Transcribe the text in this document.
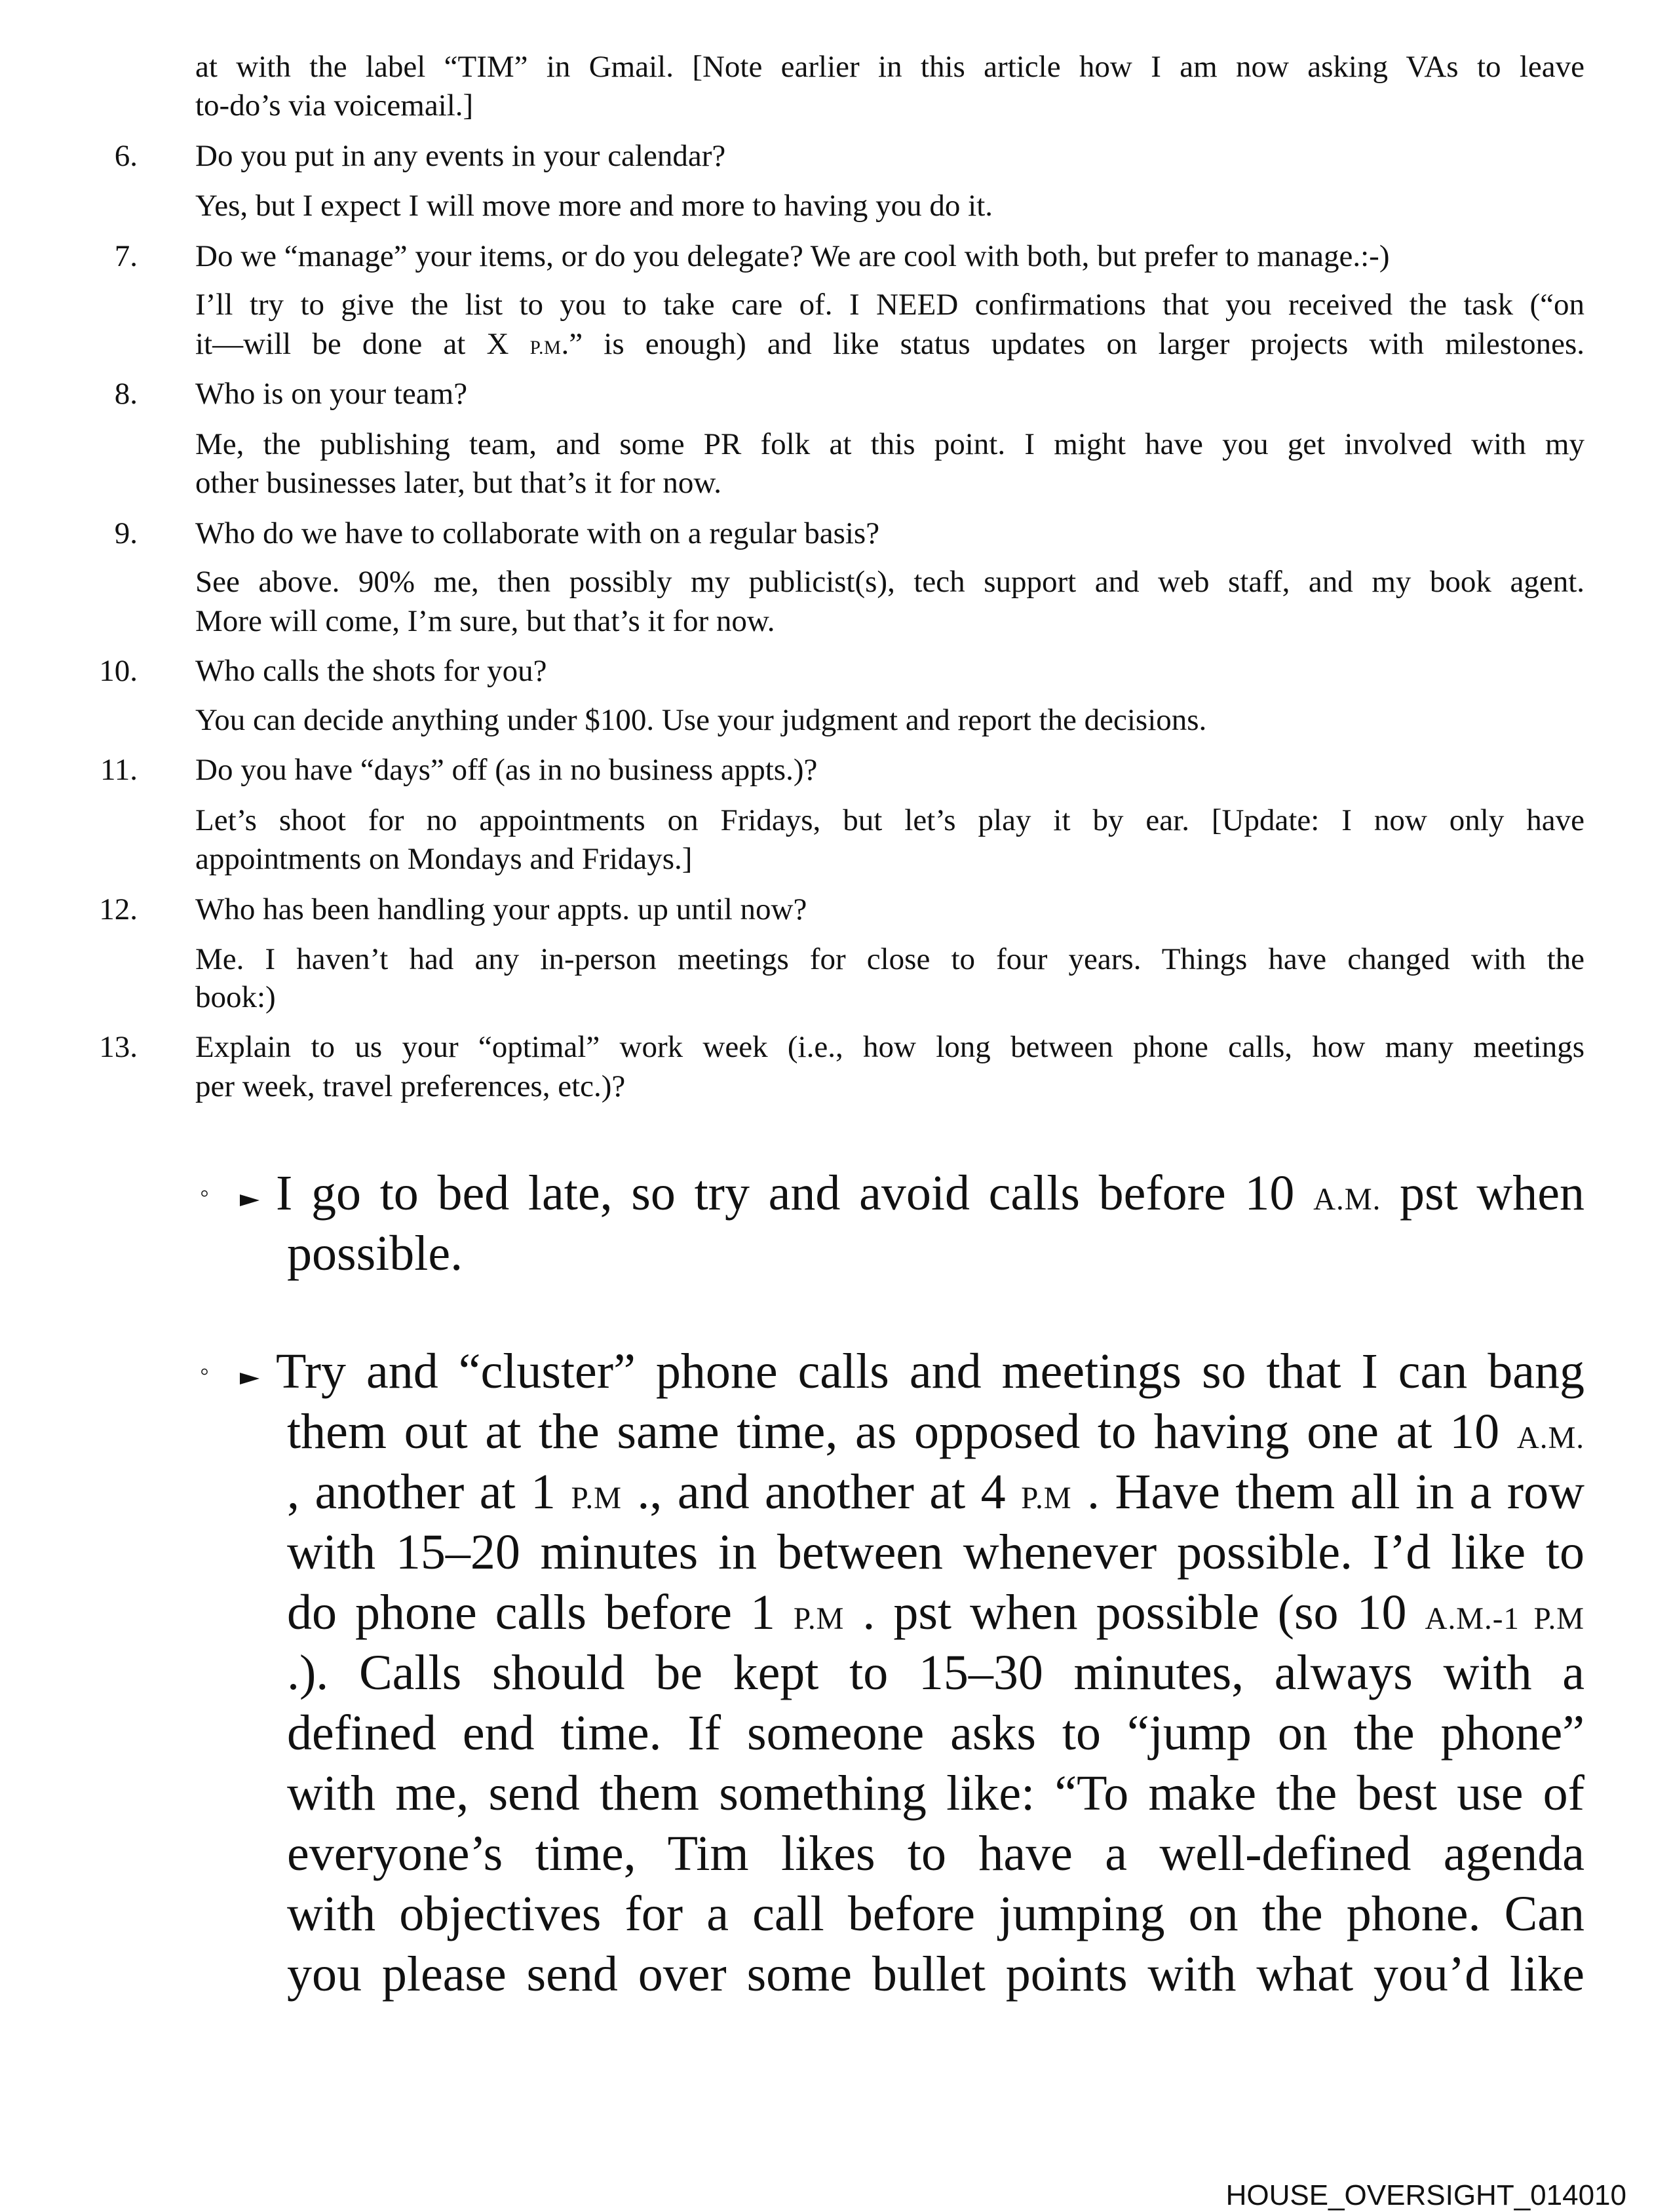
at with the label “TIM” in Gmail. [Note earlier in this article how I am now asking VAs to leave
to-do’s via voicemail.]
6. Do you put in any events in your calendar?
Yes, but I expect I will move more and more to having you do it.
7. Do we “manage” your items, or do you delegate? We are cool with both, but prefer to manage.:-)
I’ll try to give the list to you to take care of. I NEED confirmations that you received the task (“on
it—will be done at X P.M.” is enough) and like status updates on larger projects with milestones.
8. Who is on your team?
Me, the publishing team, and some PR folk at this point. I might have you get involved with my
other businesses later, but that’s it for now.
9. Who do we have to collaborate with on a regular basis?
See above. 90% me, then possibly my publicist(s), tech support and web staff, and my book agent.
More will come, I’m sure, but that’s it for now.
10. Who calls the shots for you?
You can decide anything under $100. Use your judgment and report the decisions.
11. Do you have “days” off (as in no business appts.)?
Let’s shoot for no appointments on Fridays, but let’s play it by ear. [Update: I now only have
appointments on Mondays and Fridays.]
12. Who has been handling your appts. up until now?
Me. I haven’t had any in-person meetings for close to four years. Things have changed with the
book:)
13. Explain to us your “optimal” work week (i.e., how long between phone calls, how many meetings
per week, travel preferences, etc.)?
◦ I go to bed late, so try and avoid calls before 10 A.M. pst when
possible.
◦ Try and “cluster” phone calls and meetings so that I can bang
them out at the same time, as opposed to having one at 10 A.M.
, another at 1 P.M ., and another at 4 P.M . Have them all in a row
with 15–20 minutes in between whenever possible. I’d like to
do phone calls before 1 P.M . pst when possible (so 10 A.M.-1 P.M
.). Calls should be kept to 15–30 minutes, always with a
defined end time. If someone asks to “jump on the phone”
with me, send them something like: “To make the best use of
everyone’s time, Tim likes to have a well-defined agenda
with objectives for a call before jumping on the phone. Can
you please send over some bullet points with what you’d like
HOUSE_OVERSIGHT_014010
